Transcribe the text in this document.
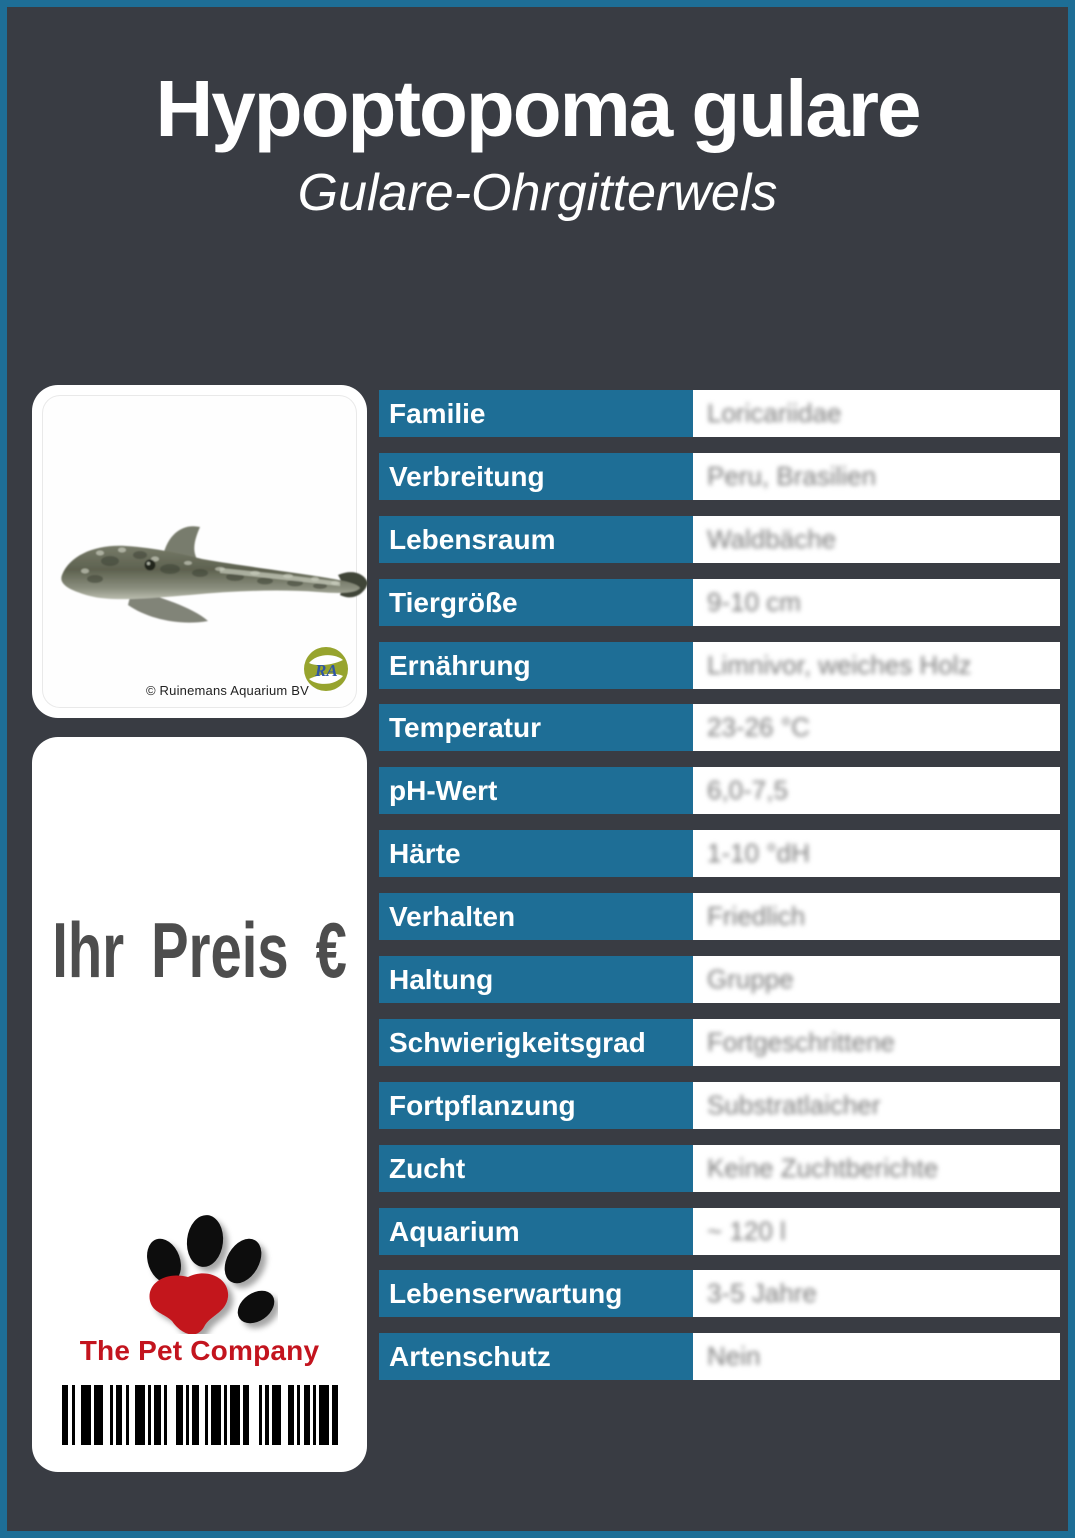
Hypoptopoma gulare
Gulare-Ohrgitterwels
RA
© Ruinemans Aquarium BV
Ihr Preis €
The Pet Company
Familie	Loricariidae
Verbreitung	Peru, Brasilien
Lebensraum	Waldbäche
Tiergröße	9-10 cm
Ernährung	Limnivor, weiches Holz
Temperatur	23-26 °C
pH-Wert	6,0-7,5
Härte	1-10 °dH
Verhalten	Friedlich
Haltung	Gruppe
Schwierigkeitsgrad	Fortgeschrittene
Fortpflanzung	Substratlaicher
Zucht	Keine Zuchtberichte
Aquarium	~ 120 l
Lebenserwartung	3-5 Jahre
Artenschutz	Nein
